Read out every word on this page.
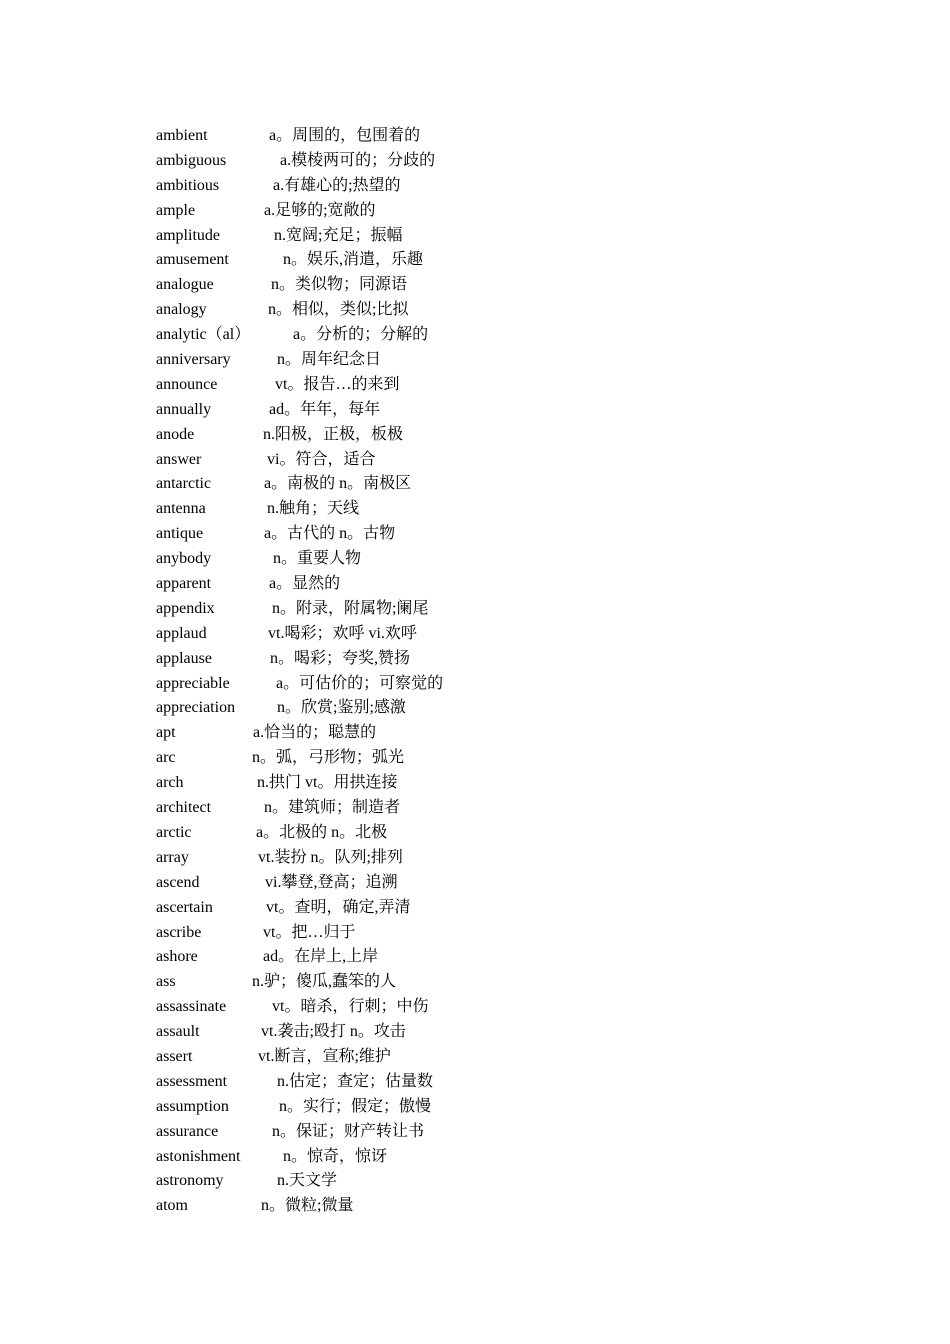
ambient	a。周围的，包围着的
ambiguous	a.模棱两可的；分歧的
ambitious	a.有雄心的;热望的
ample	a.足够的;宽敞的
amplitude	n.宽阔;充足；振幅
amusement	n。娱乐,消遣，乐趣
analogue	n。类似物；同源语
analogy	n。相似，类似;比拟
analytic（al）	a。分析的；分解的
anniversary	n。周年纪念日
announce	vt。报告…的来到
annually	ad。年年，每年
anode	n.阳极，正极，板极
answer	vi。符合，适合
antarctic	a。南极的 n。南极区
antenna	n.触角；天线
antique	a。古代的 n。古物
anybody	n。重要人物
apparent	a。显然的
appendix	n。附录，附属物;阑尾
applaud	vt.喝彩；欢呼 vi.欢呼
applause	n。喝彩；夸奖,赞扬
appreciable	a。可估价的；可察觉的
appreciation	n。欣赏;鉴别;感激
apt	a.恰当的；聪慧的
arc	n。弧，弓形物；弧光
arch	n.拱门 vt。用拱连接
architect	n。建筑师；制造者
arctic	a。北极的 n。北极
array	vt.装扮 n。队列;排列
ascend	vi.攀登,登高；追溯
ascertain	vt。查明，确定,弄清
ascribe	vt。把…归于
ashore	ad。在岸上,上岸
ass	n.驴；傻瓜,蠢笨的人
assassinate	vt。暗杀，行刺；中伤
assault	vt.袭击;殴打 n。攻击
assert	vt.断言，宣称;维护
assessment	n.估定；查定；估量数
assumption	n。实行；假定；傲慢
assurance	n。保证；财产转让书
astonishment	n。惊奇，惊讶
astronomy	n.天文学
atom	n。微粒;微量
